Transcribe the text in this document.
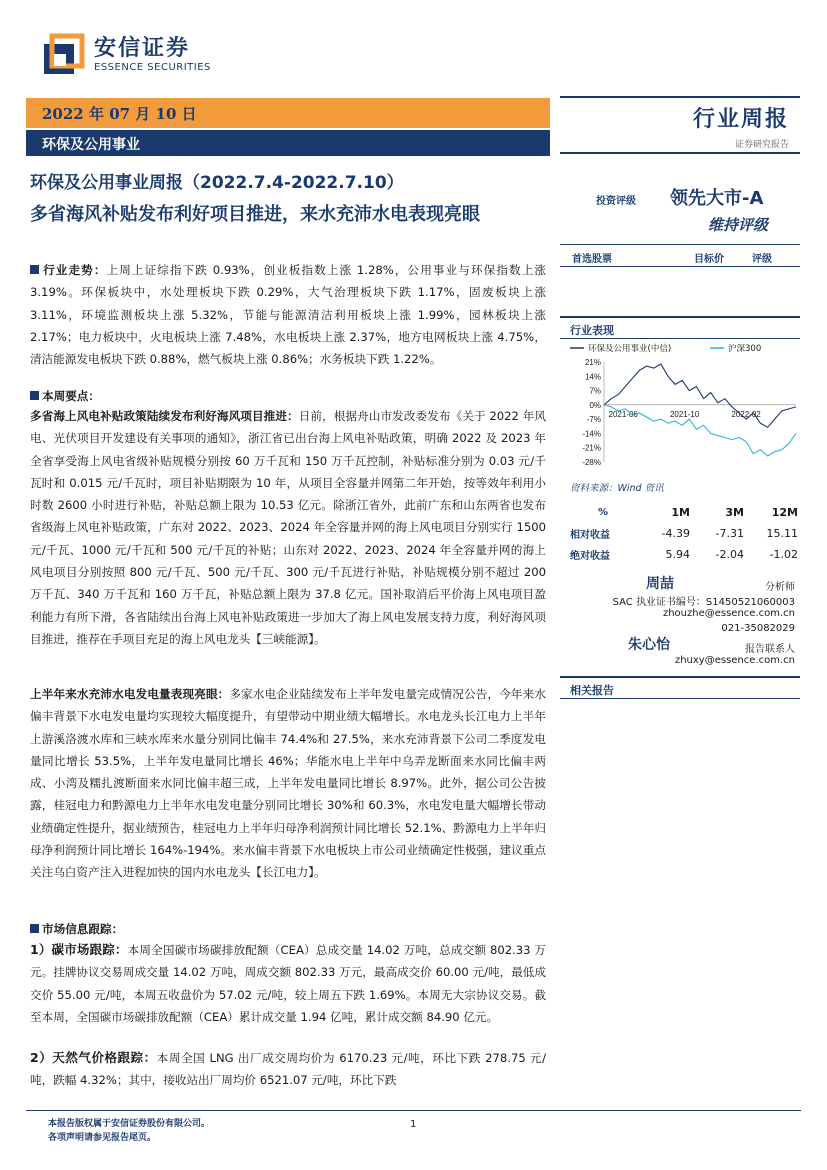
安信证券
ESSENCE SECURITIES
2022 年 07 月 10 日
环保及公用事业
行业周报
证券研究报告
环保及公用事业周报（2022.7.4-2022.7.10）
多省海风补贴发布利好项目推进，来水充沛水电表现亮眼
行业走势：上周上证综指下跌 0.93%，创业板指数上涨 1.28%，公用事业与环保指数上涨 3.19%。环保板块中，水处理板块下跌 0.29%，大气治理板块下跌 1.17%，固废板块上涨 3.11%，环境监测板块上涨 5.32%，节能与能源清洁利用板块上涨 1.99%，园林板块上涨 2.17%；电力板块中，火电板块上涨 7.48%，水电板块上涨 2.37%，地方电网板块上涨 4.75%，清洁能源发电板块下跌 0.88%，燃气板块上涨 0.86%；水务板块下跌 1.22%。
本周要点：
多省海上风电补贴政策陆续发布利好海风项目推进：日前，根据舟山市发改委发布《关于 2022 年风电、光伏项目开发建设有关事项的通知》，浙江省已出台海上风电补贴政策，明确 2022 及 2023 年全省享受海上风电省级补贴规模分别按 60 万千瓦和 150 万千瓦控制，补贴标准分别为 0.03 元/千瓦时和 0.015 元/千瓦时，项目补贴期限为 10 年，从项目全容量并网第二年开始，按等效年利用小时数 2600 小时进行补贴，补贴总额上限为 10.53 亿元。除浙江省外，此前广东和山东两省也发布省级海上风电补贴政策，广东对 2022、2023、2024 年全容量并网的海上风电项目分别实行 1500 元/千瓦、1000 元/千瓦和 500 元/千瓦的补贴；山东对 2022、2023、2024 年全容量并网的海上风电项目分别按照 800 元/千瓦、500 元/千瓦、300 元/千瓦进行补贴，补贴规模分别不超过 200 万千瓦、340 万千瓦和 160 万千瓦，补贴总额上限为 37.8 亿元。国补取消后平价海上风电项目盈利能力有所下滑，各省陆续出台海上风电补贴政策进一步加大了海上风电发展支持力度，利好海风项目推进，推荐在手项目充足的海上风电龙头【三峡能源】。
上半年来水充沛水电发电量表现亮眼：多家水电企业陆续发布上半年发电量完成情况公告，今年来水偏丰背景下水电发电量均实现较大幅度提升，有望带动中期业绩大幅增长。水电龙头长江电力上半年上游溪洛渡水库和三峡水库来水量分别同比偏丰 74.4%和 27.5%，来水充沛背景下公司二季度发电量同比增长 53.5%，上半年发电量同比增长 46%；华能水电上半年中乌弄龙断面来水同比偏丰两成、小湾及糯扎渡断面来水同比偏丰超三成，上半年发电量同比增长 8.97%。此外，据公司公告披露，桂冠电力和黔源电力上半年水电发电量分别同比增长 30%和 60.3%，水电发电量大幅增长带动业绩确定性提升，据业绩预告，桂冠电力上半年归母净利润预计同比增长 52.1%、黔源电力上半年归母净利润预计同比增长 164%-194%。来水偏丰背景下水电板块上市公司业绩确定性极强，建议重点关注乌白资产注入进程加快的国内水电龙头【长江电力】。
市场信息跟踪：
1）碳市场跟踪：本周全国碳市场碳排放配额（CEA）总成交量 14.02 万吨，总成交额 802.33 万元。挂牌协议交易周成交量 14.02 万吨，周成交额 802.33 万元，最高成交价 60.00 元/吨，最低成交价 55.00 元/吨，本周五收盘价为 57.02 元/吨，较上周五下跌 1.69%。本周无大宗协议交易。截至本周，全国碳市场碳排放配额（CEA）累计成交量 1.94 亿吨，累计成交额 84.90 亿元。
2）天然气价格跟踪：本周全国 LNG 出厂成交周均价为 6170.23 元/吨，环比下跌 278.75 元/吨，跌幅 4.32%；其中，接收站出厂周均价 6521.07 元/吨，环比下跌
投资评级 领先大市-A
维持评级
首选股票	目标价	评级
行业表现
21%
14%
7%
0%
-7%
-14%
-21%
-28%
2021-06	2021-10	2022-02
环保及公用事业(中信)	沪深300
资料来源：Wind 资讯
%	1M	3M	12M
相对收益	-4.39	-7.31	15.11
绝对收益	5.94	-2.04	-1.02
周喆	分析师
SAC 执业证书编号：S1450521060003
zhouzhe@essence.com.cn
021-35082029
朱心怡	报告联系人
zhuxy@essence.com.cn
相关报告
本报告版权属于安信证券股份有限公司。
各项声明请参见报告尾页。
1
